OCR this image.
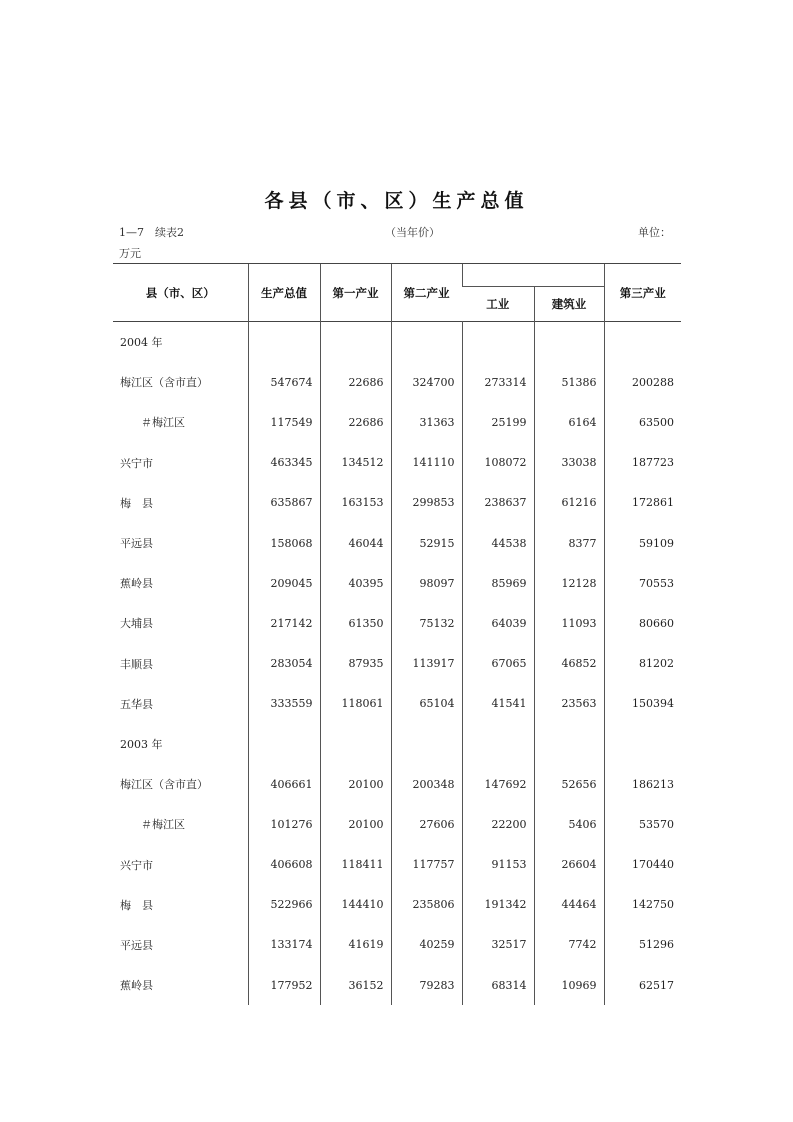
各县（市、区）生产总值
1—7　续表2	（当年价）	单位：
万元
县（市、区）	生产总值	第一产业	第二产业			第三产业
				工业	建筑业	
2004 年						
梅江区（含市直）	547674	22686	324700	273314	51386	200288
＃梅江区	117549	22686	31363	25199	6164	63500
兴宁市	463345	134512	141110	108072	33038	187723
梅　县	635867	163153	299853	238637	61216	172861
平远县	158068	46044	52915	44538	8377	59109
蕉岭县	209045	40395	98097	85969	12128	70553
大埔县	217142	61350	75132	64039	11093	80660
丰顺县	283054	87935	113917	67065	46852	81202
五华县	333559	118061	65104	41541	23563	150394
2003 年						
梅江区（含市直）	406661	20100	200348	147692	52656	186213
＃梅江区	101276	20100	27606	22200	5406	53570
兴宁市	406608	118411	117757	91153	26604	170440
梅　县	522966	144410	235806	191342	44464	142750
平远县	133174	41619	40259	32517	7742	51296
蕉岭县	177952	36152	79283	68314	10969	62517
